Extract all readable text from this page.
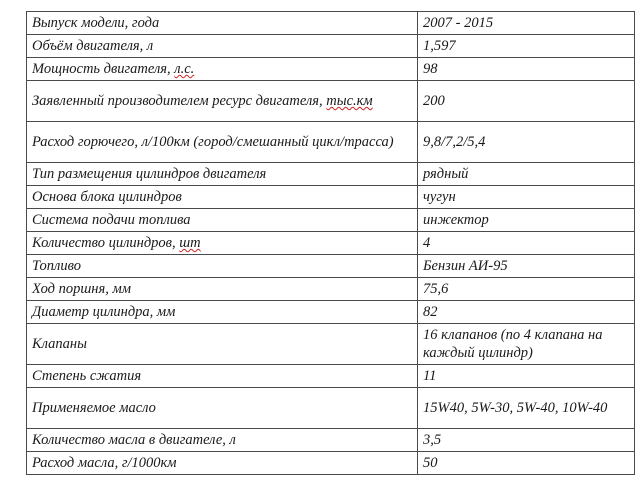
Выпуск модели, года	2007 - 2015
Объём двигателя, л	1,597
Мощность двигателя, л.с.	98
Заявленный производителем ресурс двигателя, тыс.км	200
Расход горючего, л/100км (город/смешанный цикл/трасса)	9,8/7,2/5,4
Тип размещения цилиндров двигателя	рядный
Основа блока цилиндров	чугун
Система подачи топлива	инжектор
Количество цилиндров, шт	4
Топливо	Бензин АИ-95
Ход поршня, мм	75,6
Диаметр цилиндра, мм	82
Клапаны	16 клапанов (по 4 клапана на каждый цилиндр)
Степень сжатия	11
Применяемое масло	15W40, 5W-30, 5W-40, 10W-40
Количество масла в двигателе, л	3,5
Расход масла, г/1000км	50
